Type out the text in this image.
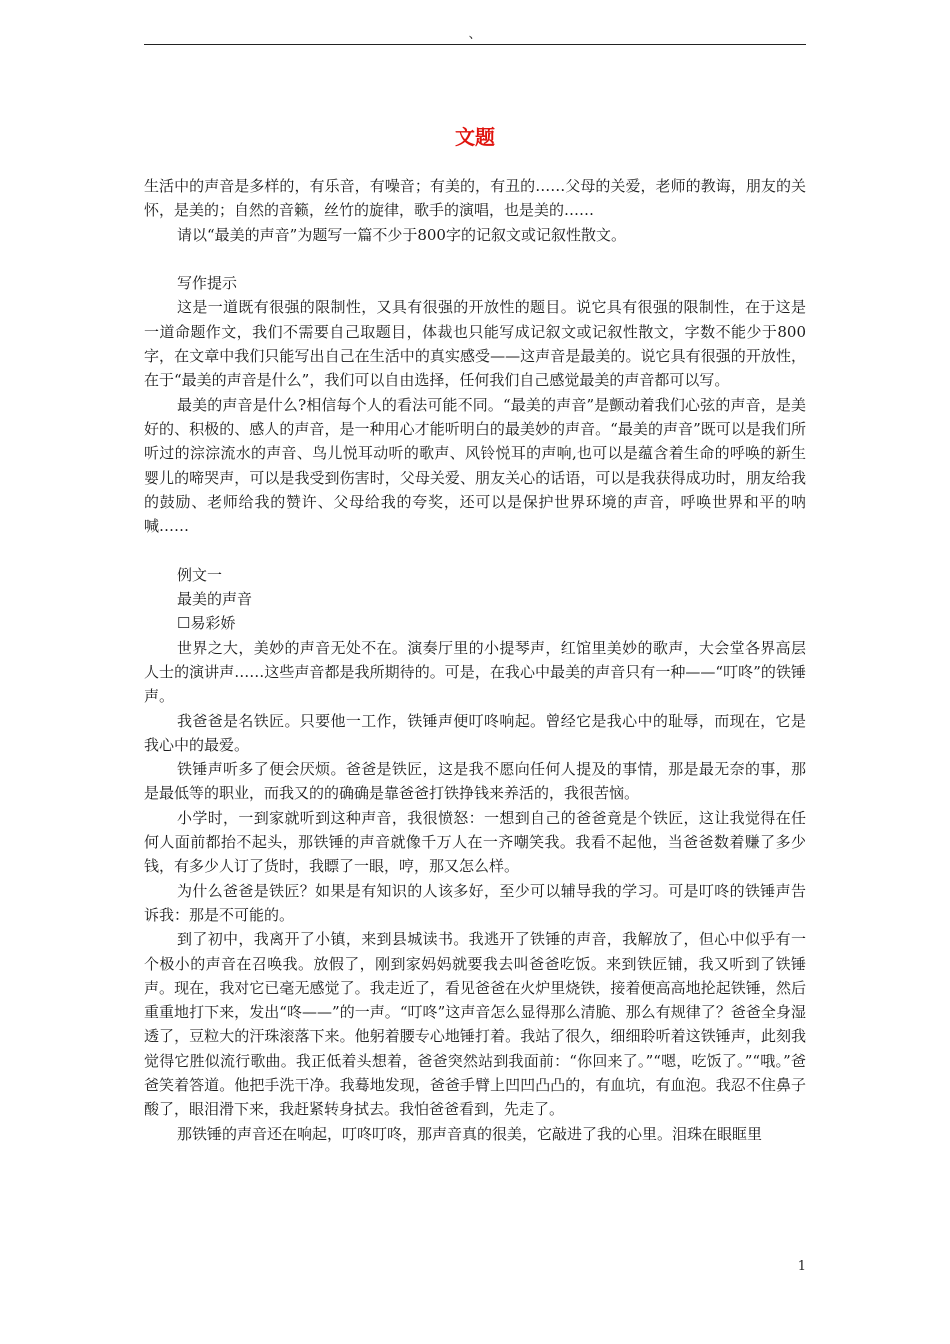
、
文题

生活中的声音是多样的，有乐音，有噪音；有美的，有丑的……父母的关爱，老师的教诲，朋友的关怀，是美的；自然的音籁，丝竹的旋律，歌手的演唱，也是美的……

请以“最美的声音”为题写一篇不少于800字的记叙文或记叙性散文。

写作提示

这是一道既有很强的限制性，又具有很强的开放性的题目。说它具有很强的限制性，在于这是一道命题作文，我们不需要自己取题目，体裁也只能写成记叙文或记叙性散文，字数不能少于800字，在文章中我们只能写出自己在生活中的真实感受——这声音是最美的。说它具有很强的开放性，在于“最美的声音是什么”，我们可以自由选择，任何我们自己感觉最美的声音都可以写。

最美的声音是什么?相信每个人的看法可能不同。“最美的声音”是颤动着我们心弦的声音，是美好的、积极的、感人的声音，是一种用心才能听明白的最美妙的声音。“最美的声音”既可以是我们所听过的淙淙流水的声音、鸟儿悦耳动听的歌声、风铃悦耳的声响,也可以是蕴含着生命的呼唤的新生婴儿的啼哭声，可以是我受到伤害时，父母关爱、朋友关心的话语，可以是我获得成功时，朋友给我的鼓励、老师给我的赞许、父母给我的夸奖，还可以是保护世界环境的声音，呼唤世界和平的呐喊……

例文一

最美的声音

☐易彩娇

世界之大，美妙的声音无处不在。演奏厅里的小提琴声，红馆里美妙的歌声，大会堂各界高层人士的演讲声……这些声音都是我所期待的。可是，在我心中最美的声音只有一种——“叮咚”的铁锤声。

我爸爸是名铁匠。只要他一工作，铁锤声便叮咚响起。曾经它是我心中的耻辱，而现在，它是我心中的最爱。

铁锤声听多了便会厌烦。爸爸是铁匠，这是我不愿向任何人提及的事情，那是最无奈的事，那是最低等的职业，而我又的的确确是靠爸爸打铁挣钱来养活的，我很苦恼。

小学时，一到家就听到这种声音，我很愤怒：一想到自己的爸爸竟是个铁匠，这让我觉得在任何人面前都抬不起头，那铁锤的声音就像千万人在一齐嘲笑我。我看不起他，当爸爸数着赚了多少钱，有多少人订了货时，我瞟了一眼，哼，那又怎么样。

为什么爸爸是铁匠？如果是有知识的人该多好，至少可以辅导我的学习。可是叮咚的铁锤声告诉我：那是不可能的。

到了初中，我离开了小镇，来到县城读书。我逃开了铁锤的声音，我解放了，但心中似乎有一个极小的声音在召唤我。放假了，刚到家妈妈就要我去叫爸爸吃饭。来到铁匠铺，我又听到了铁锤声。现在，我对它已毫无感觉了。我走近了，看见爸爸在火炉里烧铁，接着便高高地抡起铁锤，然后重重地打下来，发出“咚——”的一声。“叮咚”这声音怎么显得那么清脆、那么有规律了？爸爸全身湿透了，豆粒大的汗珠滚落下来。他躬着腰专心地锤打着。我站了很久，细细聆听着这铁锤声，此刻我觉得它胜似流行歌曲。我正低着头想着，爸爸突然站到我面前：“你回来了。”“嗯，吃饭了。”“哦。”爸爸笑着答道。他把手洗干净。我蓦地发现，爸爸手臂上凹凹凸凸的，有血坑，有血泡。我忍不住鼻子酸了，眼泪滑下来，我赶紧转身拭去。我怕爸爸看到，先走了。

那铁锤的声音还在响起，叮咚叮咚，那声音真的很美，它敲进了我的心里。泪珠在眼眶里

1
